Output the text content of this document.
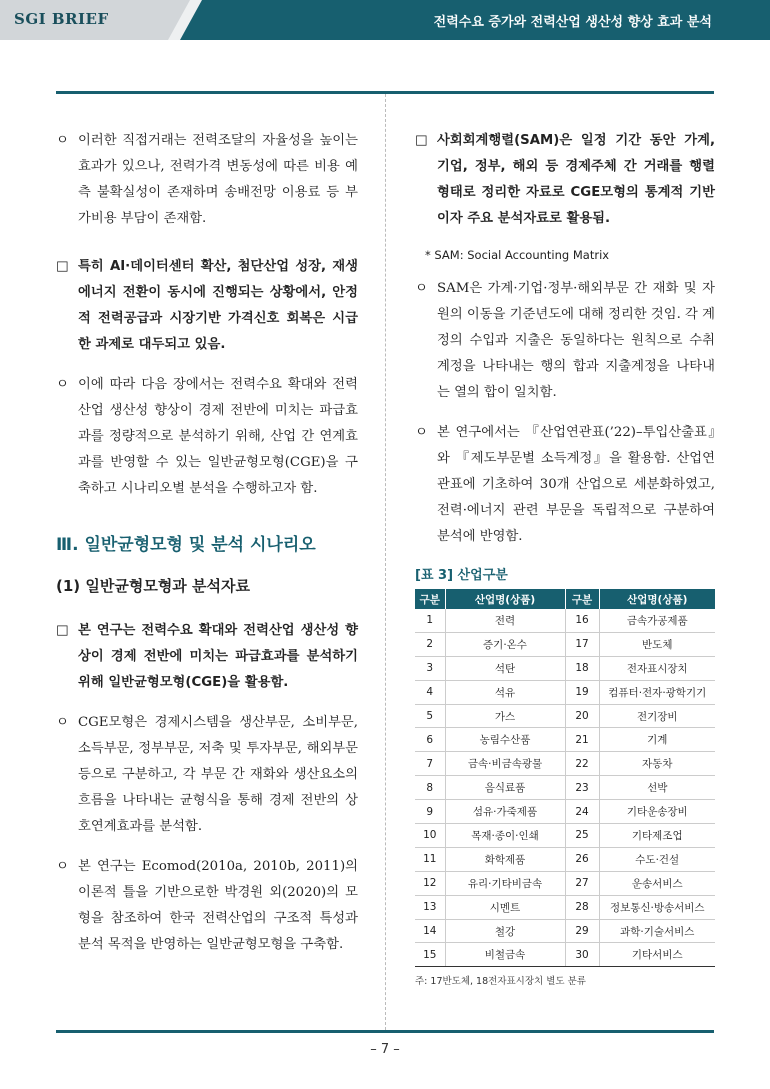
SGI BRIEF	전력수요 증가와 전력산업 생산성 향상 효과 분석

ㅇ 이러한 직접거래는 전력조달의 자율성을 높이는 효과가 있으나, 전력가격 변동성에 따른 비용 예측 불확실성이 존재하며 송배전망 이용료 등 부가비용 부담이 존재함.

□ 특히 AI·데이터센터 확산, 첨단산업 성장, 재생에너지 전환이 동시에 진행되는 상황에서, 안정적 전력공급과 시장기반 가격신호 회복은 시급한 과제로 대두되고 있음.

ㅇ 이에 따라 다음 장에서는 전력수요 확대와 전력산업 생산성 향상이 경제 전반에 미치는 파급효과를 정량적으로 분석하기 위해, 산업 간 연계효과를 반영할 수 있는 일반균형모형(CGE)을 구축하고 시나리오별 분석을 수행하고자 함.

Ⅲ. 일반균형모형 및 분석 시나리오
(1) 일반균형모형과 분석자료

□ 본 연구는 전력수요 확대와 전력산업 생산성 향상이 경제 전반에 미치는 파급효과를 분석하기 위해 일반균형모형(CGE)을 활용함.

ㅇ CGE모형은 경제시스템을 생산부문, 소비부문, 소득부문, 정부부문, 저축 및 투자부문, 해외부문 등으로 구분하고, 각 부문 간 재화와 생산요소의 흐름을 나타내는 균형식을 통해 경제 전반의 상호연계효과를 분석함.

ㅇ 본 연구는 Ecomod(2010a, 2010b, 2011)의 이론적 틀을 기반으로한 박경원 외(2020)의 모형을 참조하여 한국 전력산업의 구조적 특성과 분석 목적을 반영하는 일반균형모형을 구축함.

□ 사회회계행렬(SAM)은 일정 기간 동안 가계, 기업, 정부, 해외 등 경제주체 간 거래를 행렬 형태로 정리한 자료로 CGE모형의 통계적 기반이자 주요 분석자료로 활용됨.

* SAM: Social Accounting Matrix

ㅇ SAM은 가계·기업·정부·해외부문 간 재화 및 자원의 이동을 기준년도에 대해 정리한 것임. 각 계정의 수입과 지출은 동일하다는 원칙으로 수취계정을 나타내는 행의 합과 지출계정을 나타내는 열의 합이 일치함.

ㅇ 본 연구에서는 『산업연관표(’22)–투입산출표』와 『제도부문별 소득계정』을 활용함. 산업연관표에 기초하여 30개 산업으로 세분화하였고, 전력·에너지 관련 부문을 독립적으로 구분하여 분석에 반영함.

[표 3] 산업구분
구분	산업명(상품)	구분	산업명(상품)
1	전력	16	금속가공제품
2	증기·온수	17	반도체
3	석탄	18	전자표시장치
4	석유	19	컴퓨터·전자·광학기기
5	가스	20	전기장비
6	농림수산품	21	기계
7	금속·비금속광물	22	자동차
8	음식료품	23	선박
9	섬유·가죽제품	24	기타운송장비
10	목재·종이·인쇄	25	기타제조업
11	화학제품	26	수도·건설
12	유리·기타비금속	27	운송서비스
13	시멘트	28	정보통신·방송서비스
14	철강	29	과학·기술서비스
15	비철금속	30	기타서비스
주: 17반도체, 18전자표시장치 별도 분류
– 7 –
